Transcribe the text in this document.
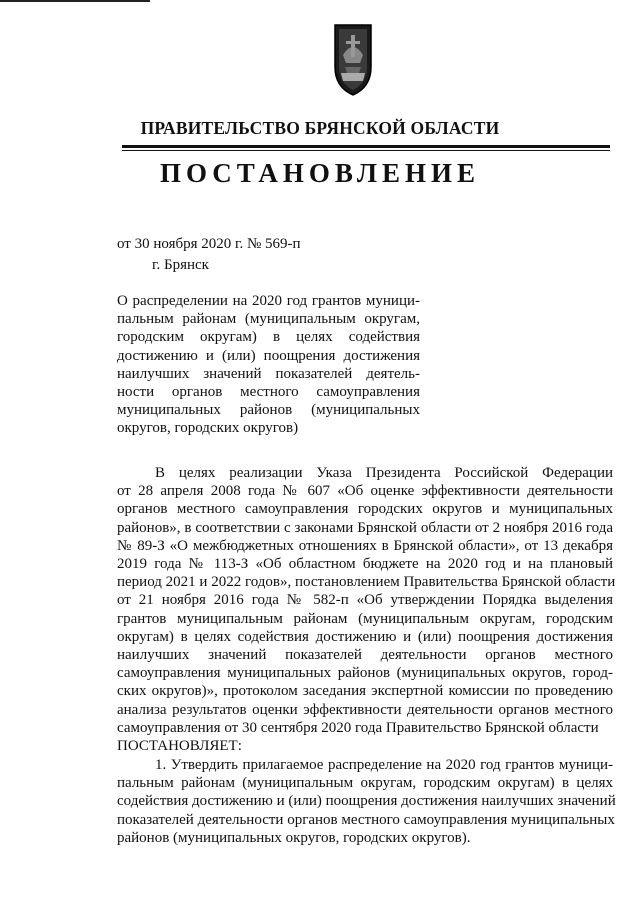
ПРАВИТЕЛЬСТВО БРЯНСКОЙ ОБЛАСТИ
ПОСТАНОВЛЕНИЕ
от 30 ноября 2020 г. № 569-п
г. Брянск
О распределении на 2020 год грантов муници-
пальным районам (муниципальным округам,
городским округам) в целях содействия
достижению и (или) поощрения достижения
наилучших значений показателей деятель-
ности органов местного самоуправления
муниципальных районов (муниципальных
округов, городских округов)
В целях реализации Указа Президента Российской Федерации
от 28 апреля 2008 года № 607 «Об оценке эффективности деятельности
органов местного самоуправления городских округов и муниципальных
районов», в соответствии с законами Брянской области от 2 ноября 2016 года
№ 89-З «О межбюджетных отношениях в Брянской области», от 13 декабря
2019 года № 113-З «Об областном бюджете на 2020 год и на плановый
период 2021 и 2022 годов», постановлением Правительства Брянской области
от 21 ноября 2016 года № 582-п «Об утверждении Порядка выделения
грантов муниципальным районам (муниципальным округам, городским
округам) в целях содействия достижению и (или) поощрения достижения
наилучших значений показателей деятельности органов местного
самоуправления муниципальных районов (муниципальных округов, город-
ских округов)», протоколом заседания экспертной комиссии по проведению
анализа результатов оценки эффективности деятельности органов местного
самоуправления от 30 сентября 2020 года Правительство Брянской области
ПОСТАНОВЛЯЕТ:
1. Утвердить прилагаемое распределение на 2020 год грантов муници-
пальным районам (муниципальным округам, городским округам) в целях
содействия достижению и (или) поощрения достижения наилучших значений
показателей деятельности органов местного самоуправления муниципальных
районов (муниципальных округов, городских округов).
